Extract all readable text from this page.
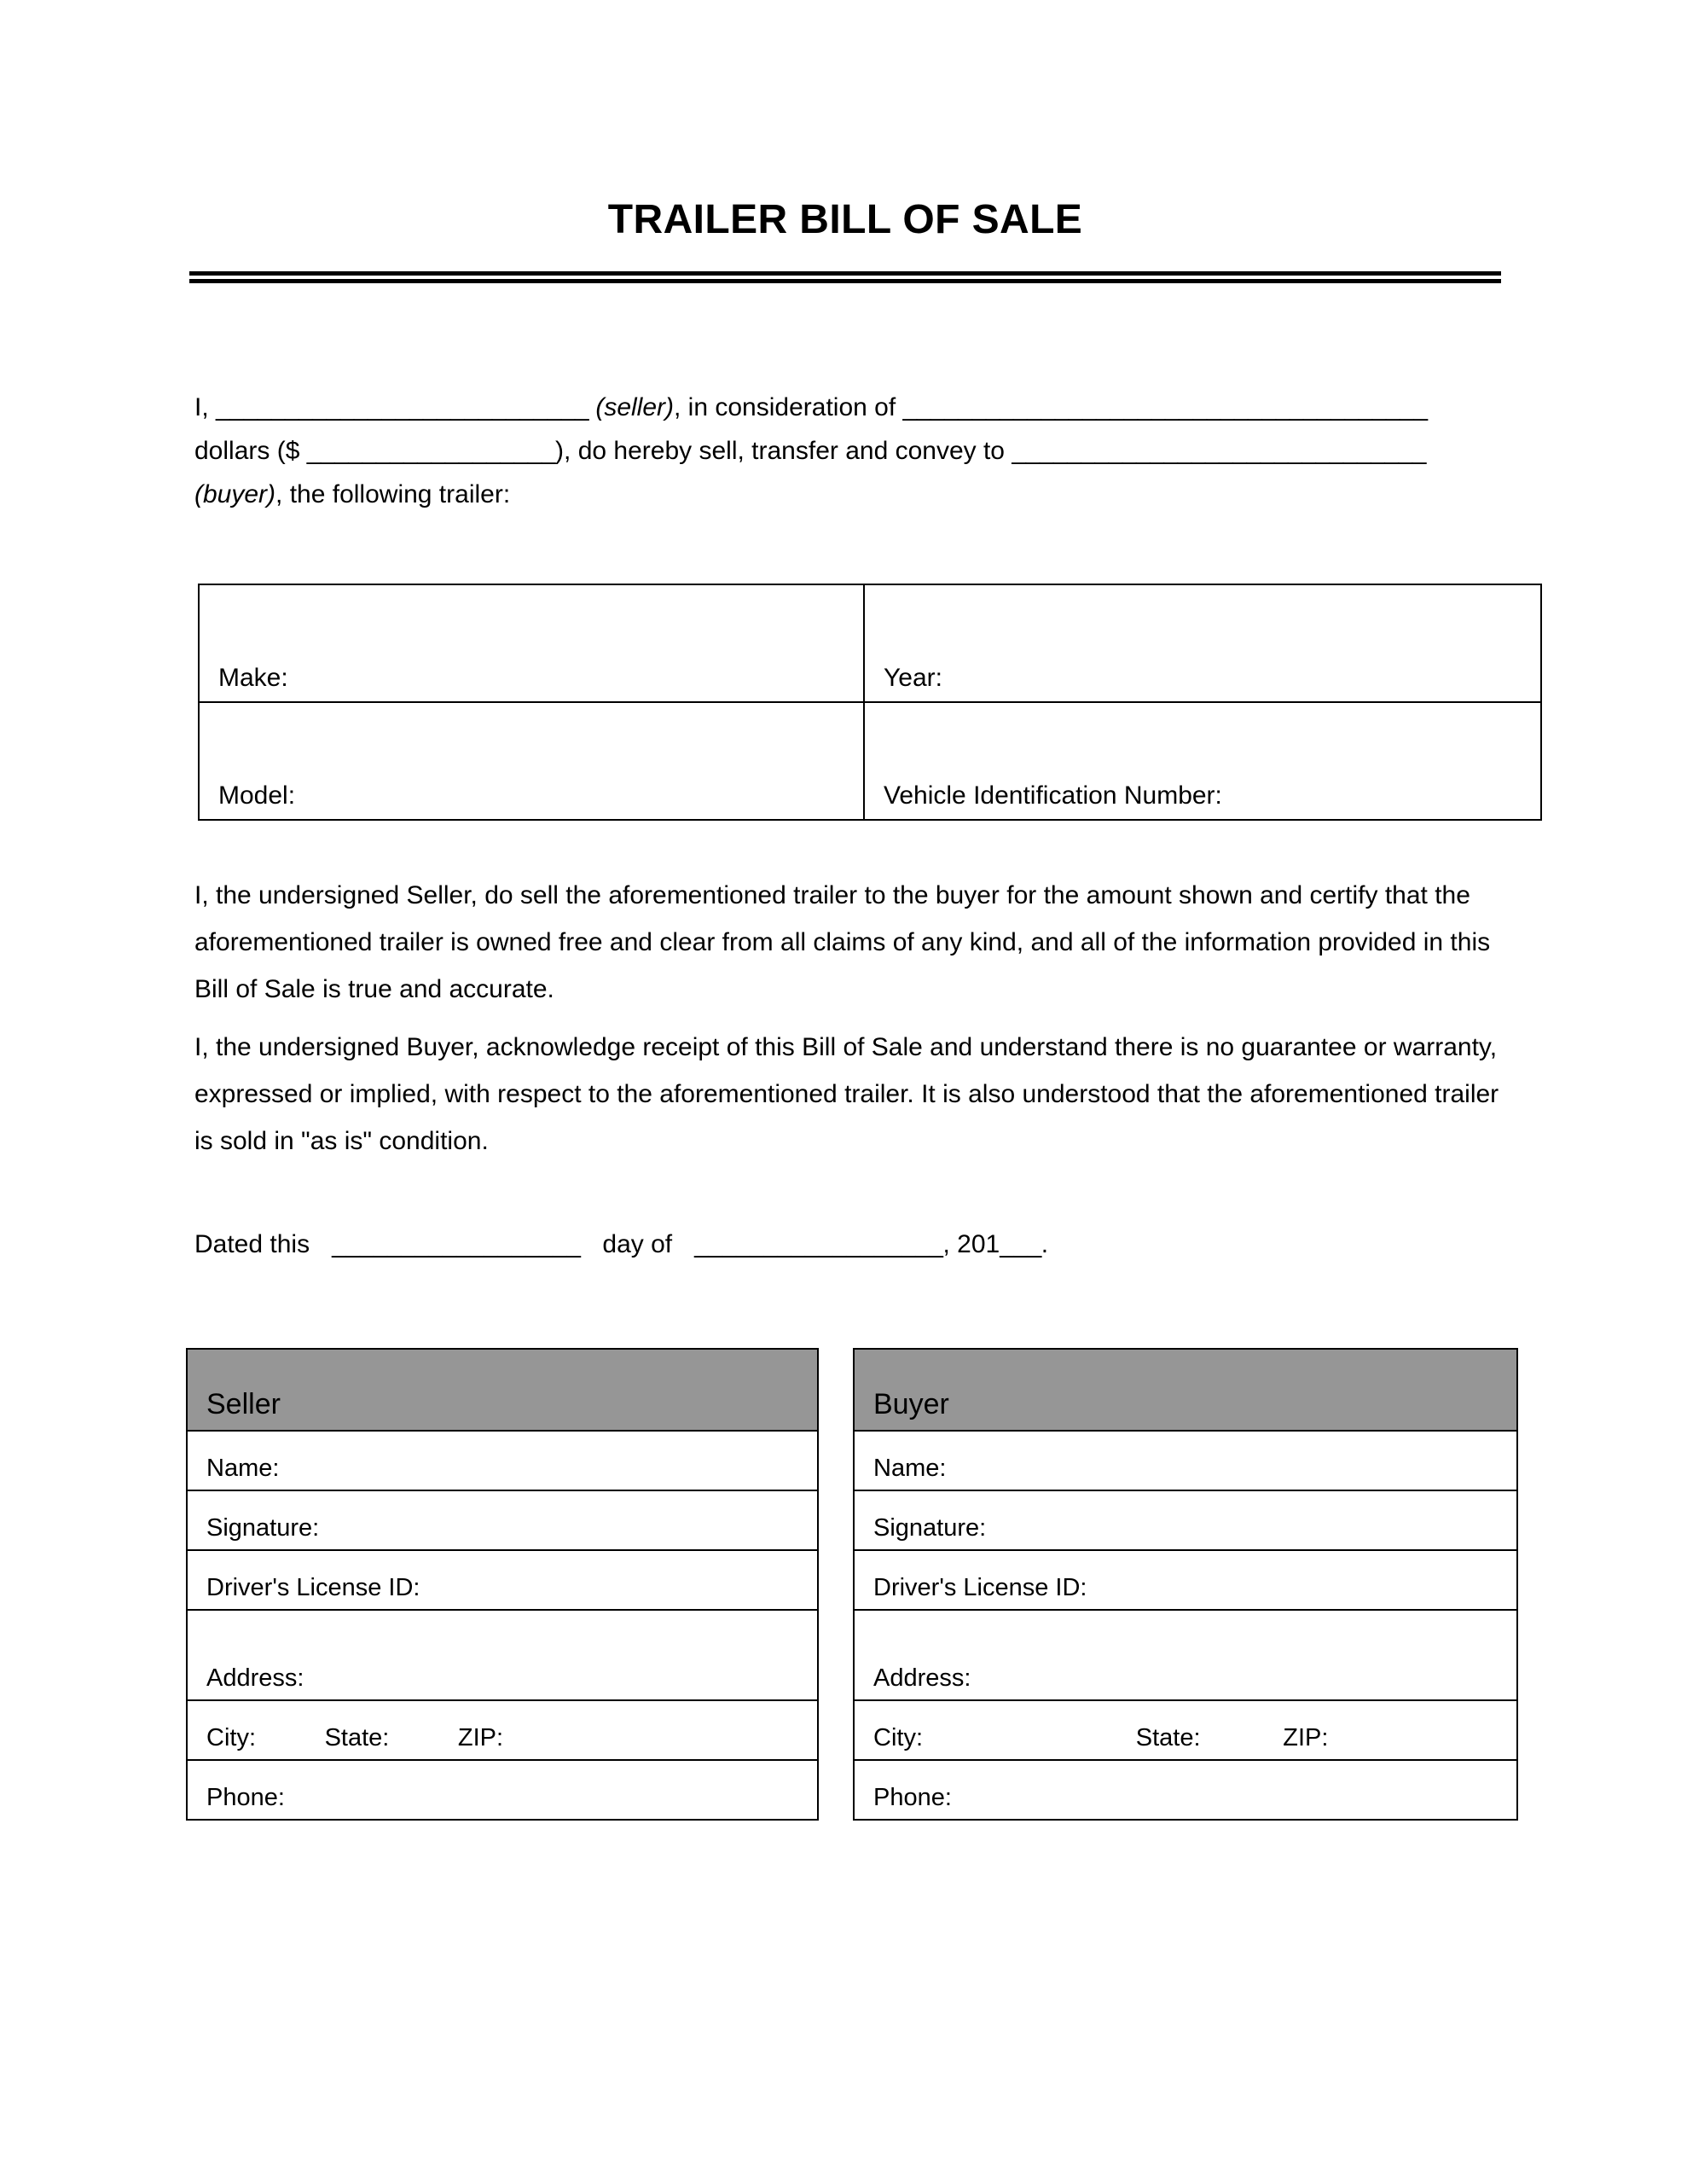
TRAILER BILL OF SALE
I, ___________________________ (seller), in consideration of ______________________________________ dollars ($ __________________), do hereby sell, transfer and convey to ______________________________ (buyer), the following trailer:
Make:	Year:
Model:	Vehicle Identification Number:
I, the undersigned Seller, do sell the aforementioned trailer to the buyer for the amount shown and certify that the aforementioned trailer is owned free and clear from all claims of any kind, and all of the information provided in this Bill of Sale is true and accurate.
I, the undersigned Buyer, acknowledge receipt of this Bill of Sale and understand there is no guarantee or warranty, expressed or implied, with respect to the aforementioned trailer. It is also understood that the aforementioned trailer is sold in "as is" condition.
Dated this __________________ day of __________________, 201___.
Seller
Name:
Signature:
Driver's License ID:
Address:
City:          State:          ZIP:
Phone:
Buyer
Name:
Signature:
Driver's License ID:
Address:
City:                               State:            ZIP:
Phone:
